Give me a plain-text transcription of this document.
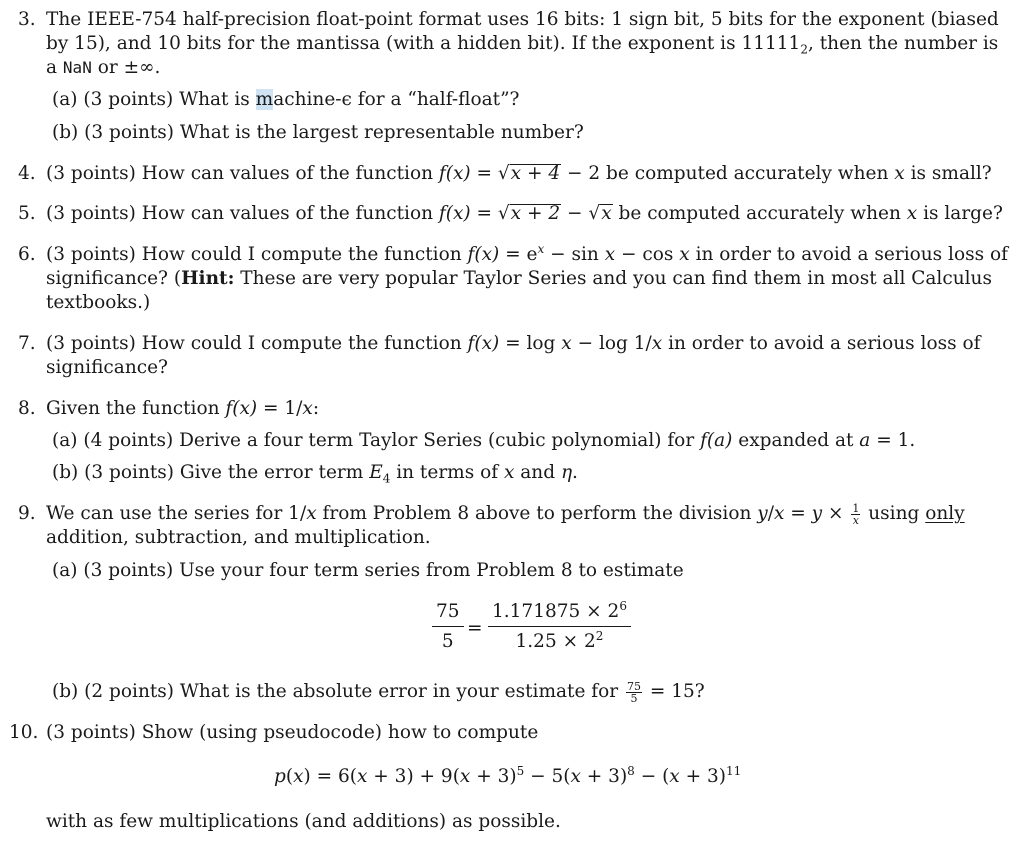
3. The IEEE-754 half-precision float-point format uses 16 bits: 1 sign bit, 5 bits for the exponent (biased
by 15), and 10 bits for the mantissa (with a hidden bit). If the exponent is $11111_2$, then the number is
a NaN or ±∞.
(a) (3 points) What is machine-ϵ for a “half-float”?
(b) (3 points) What is the largest representable number?
4. (3 points) How can values of the function f(x) = √x + 4 − 2 be computed accurately when x is small?
5. (3 points) How can values of the function f(x) = √x + 2 − √x be computed accurately when x is large?
6. (3 points) How could I compute the function $f(x) = e^x - \sin x - \cos x$ in order to avoid a serious loss of
significance? (Hint: These are very popular Taylor Series and you can find them in most all Calculus
textbooks.)
7. (3 points) How could I compute the function f(x) = log x − log 1/x in order to avoid a serious loss of
significance?
8. Given the function f(x) = 1/x:
(a) (4 points) Derive a four term Taylor Series (cubic polynomial) for f(a) expanded at a = 1.
(b) (3 points) Give the error term $E_4$ in terms of x and η.
9. We can use the series for 1/x from Problem 8 above to perform the division $y/x = y \times \frac{1}{x}$ using only
addition, subtraction, and multiplication.
(a) (3 points) Use your four term series from Problem 8 to estimate
$\frac{75}{5} = \frac{1.171875 \times 2^6}{1.25 \times 2^2}$
(b) (2 points) What is the absolute error in your estimate for $\frac{75}{5} = 15$?
10. (3 points) Show (using pseudocode) how to compute
$p(x) = 6(x + 3) + 9(x + 3)^5 - 5(x + 3)^8 - (x + 3)^{11}$
with as few multiplications (and additions) as possible.
